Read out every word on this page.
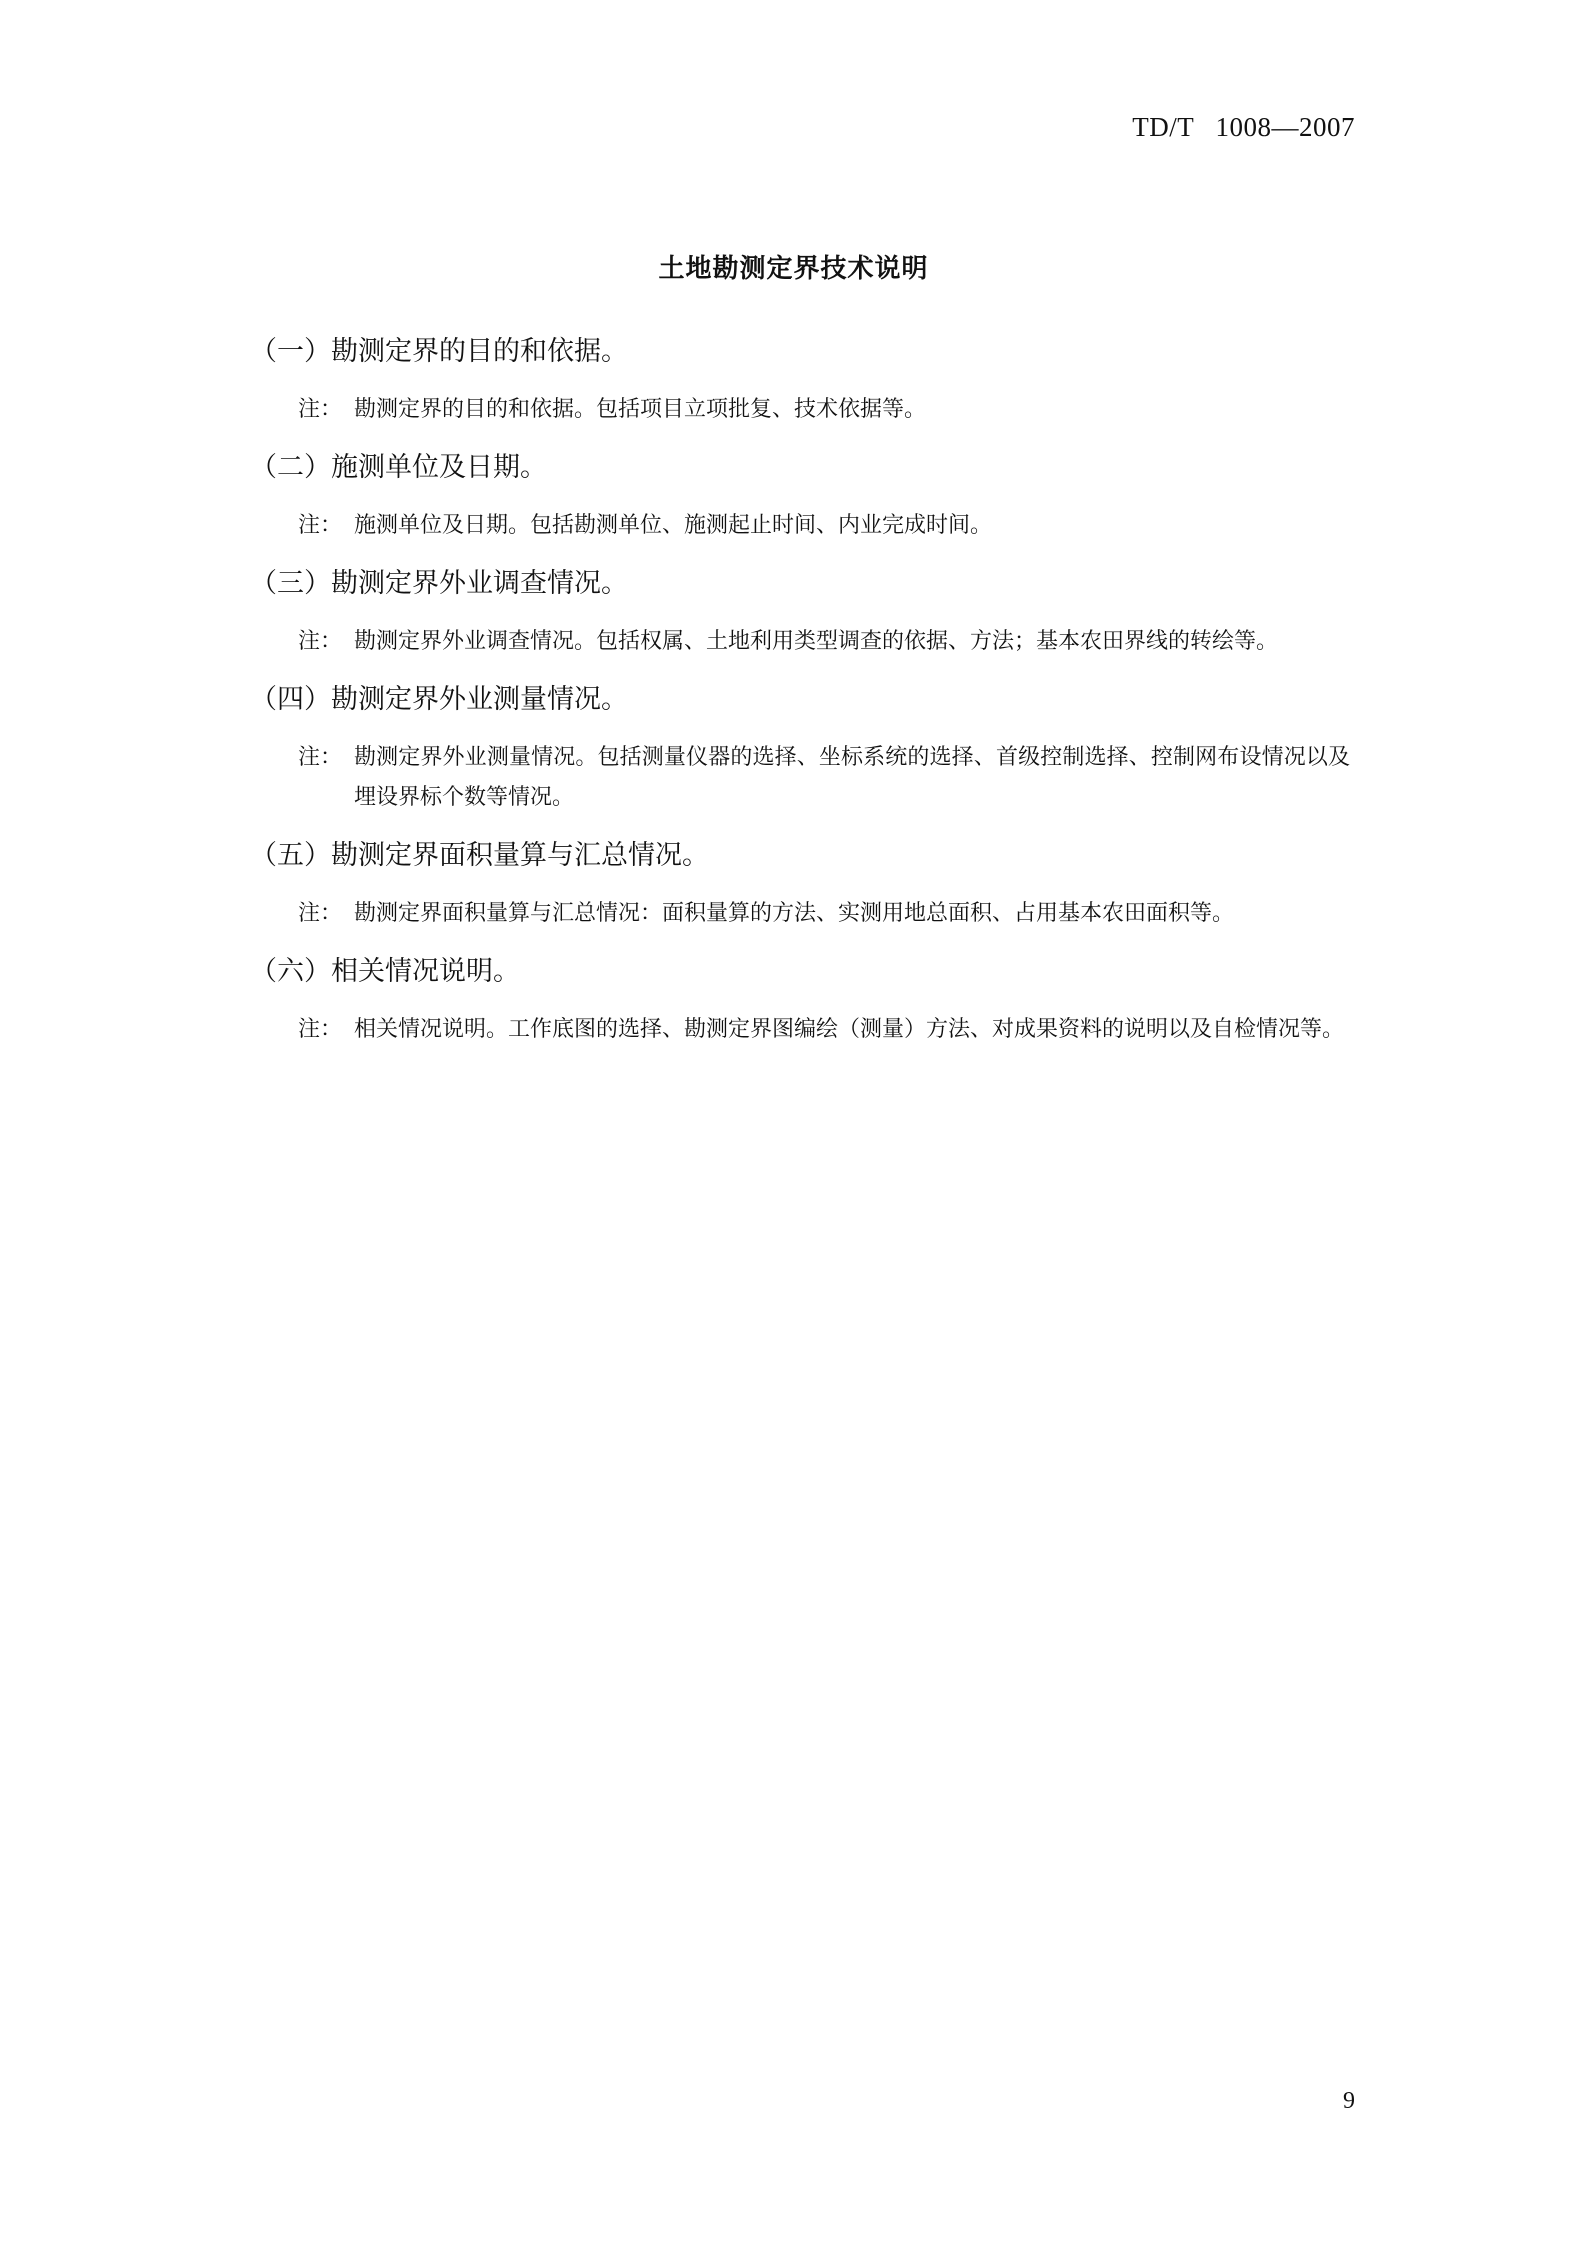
TD/T   1008—2007
土地勘测定界技术说明
（一）勘测定界的目的和依据。
注： 勘测定界的目的和依据。包括项目立项批复、技术依据等。
（二）施测单位及日期。
注： 施测单位及日期。包括勘测单位、施测起止时间、内业完成时间。
（三）勘测定界外业调查情况。
注： 勘测定界外业调查情况。包括权属、土地利用类型调查的依据、方法；基本农田界线的转绘等。
（四）勘测定界外业测量情况。
注： 勘测定界外业测量情况。包括测量仪器的选择、坐标系统的选择、首级控制选择、控制网布设情况以及埋设界标个数等情况。
（五）勘测定界面积量算与汇总情况。
注： 勘测定界面积量算与汇总情况：面积量算的方法、实测用地总面积、占用基本农田面积等。
（六）相关情况说明。
注： 相关情况说明。工作底图的选择、勘测定界图编绘（测量）方法、对成果资料的说明以及自检情况等。
9
